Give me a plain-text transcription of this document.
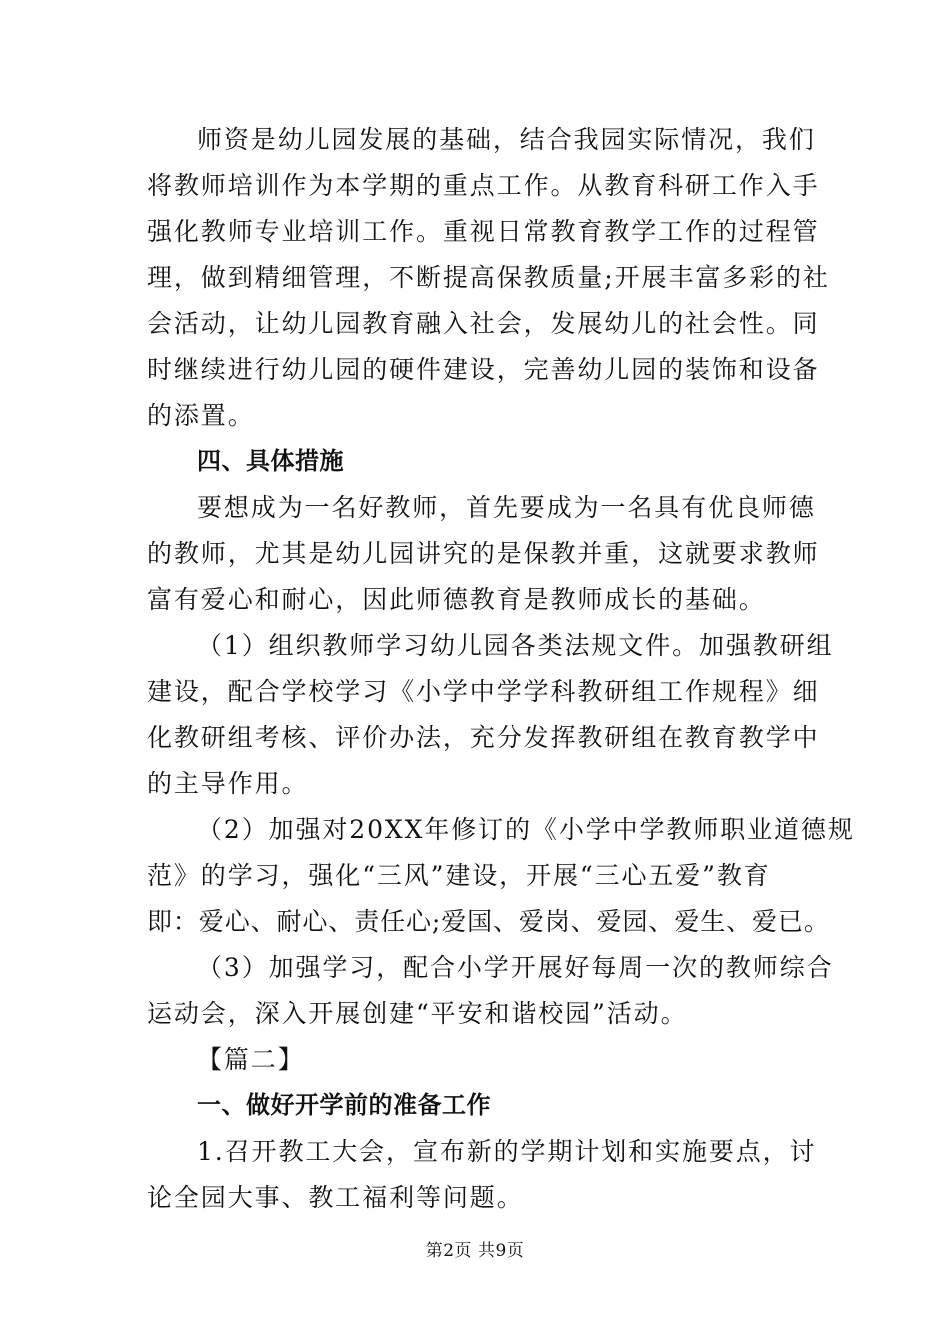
师资是幼儿园发展的基础，结合我园实际情况，我们
将教师培训作为本学期的重点工作。从教育科研工作入手
强化教师专业培训工作。重视日常教育教学工作的过程管
理，做到精细管理，不断提高保教质量;开展丰富多彩的社
会活动，让幼儿园教育融入社会，发展幼儿的社会性。同
时继续进行幼儿园的硬件建设，完善幼儿园的装饰和设备
的添置。
四、具体措施
要想成为一名好教师，首先要成为一名具有优良师德
的教师，尤其是幼儿园讲究的是保教并重，这就要求教师
富有爱心和耐心，因此师德教育是教师成长的基础。
（1）组织教师学习幼儿园各类法规文件。加强教研组
建设，配合学校学习《小学中学学科教研组工作规程》细
化教研组考核、评价办法，充分发挥教研组在教育教学中
的主导作用。
（2）加强对20XX年修订的《小学中学教师职业道德规
范》的学习，强化“三风”建设，开展“三心五爱”教育
即：爱心、耐心、责任心;爱国、爱岗、爱园、爱生、爱已。
（3）加强学习，配合小学开展好每周一次的教师综合
运动会，深入开展创建“平安和谐校园”活动。
【篇二】
一、做好开学前的准备工作
1.召开教工大会，宣布新的学期计划和实施要点，讨
论全园大事、教工福利等问题。
第2页 共9页
